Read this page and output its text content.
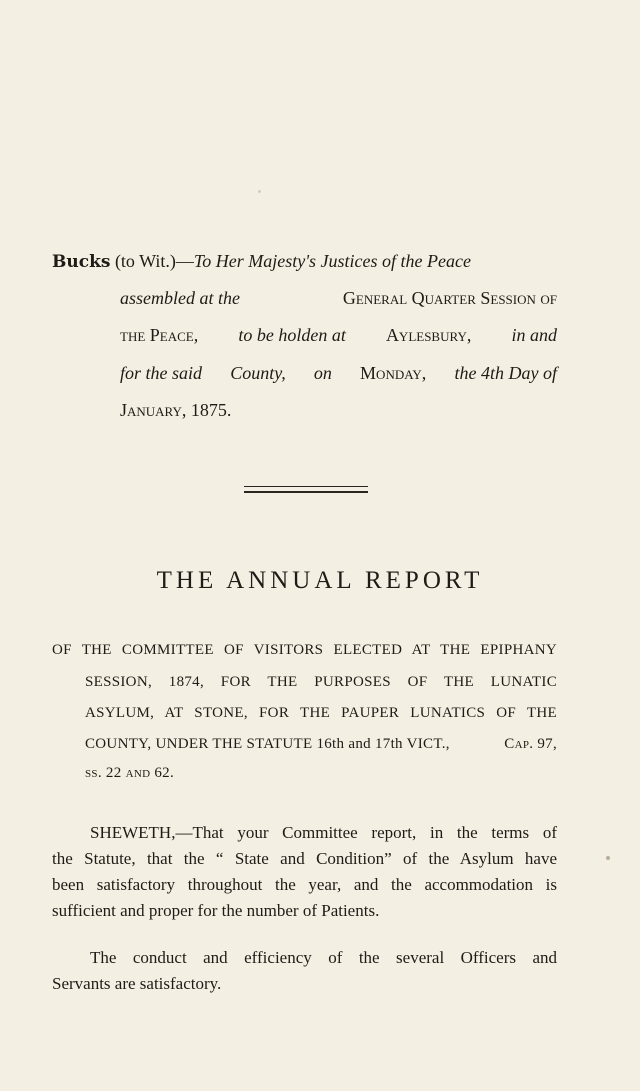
Bucks (to Wit.)—To Her Majesty's Justices of the Peace
assembled at the	General Quarter Session of
the Peace, to be holden at Aylesbury, in and
for the said County, on Monday, the 4th Day of
January, 1875.
THE ANNUAL REPORT
OF THE COMMITTEE OF VISITORS ELECTED AT THE EPIPHANY
SESSION, 1874, FOR THE PURPOSES OF THE LUNATIC
ASYLUM, AT STONE, FOR THE PAUPER LUNATICS OF THE
COUNTY, UNDER THE STATUTE 16th and 17th VICT.,	Cap. 97,
ss. 22 and 62.
SHEWETH,—That your Committee report, in the terms of
the Statute, that the “ State and Condition” of the Asylum have
been satisfactory throughout the year, and the accommodation is
sufficient and proper for the number of Patients.
The conduct and efficiency of the several Officers and
Servants are satisfactory.
